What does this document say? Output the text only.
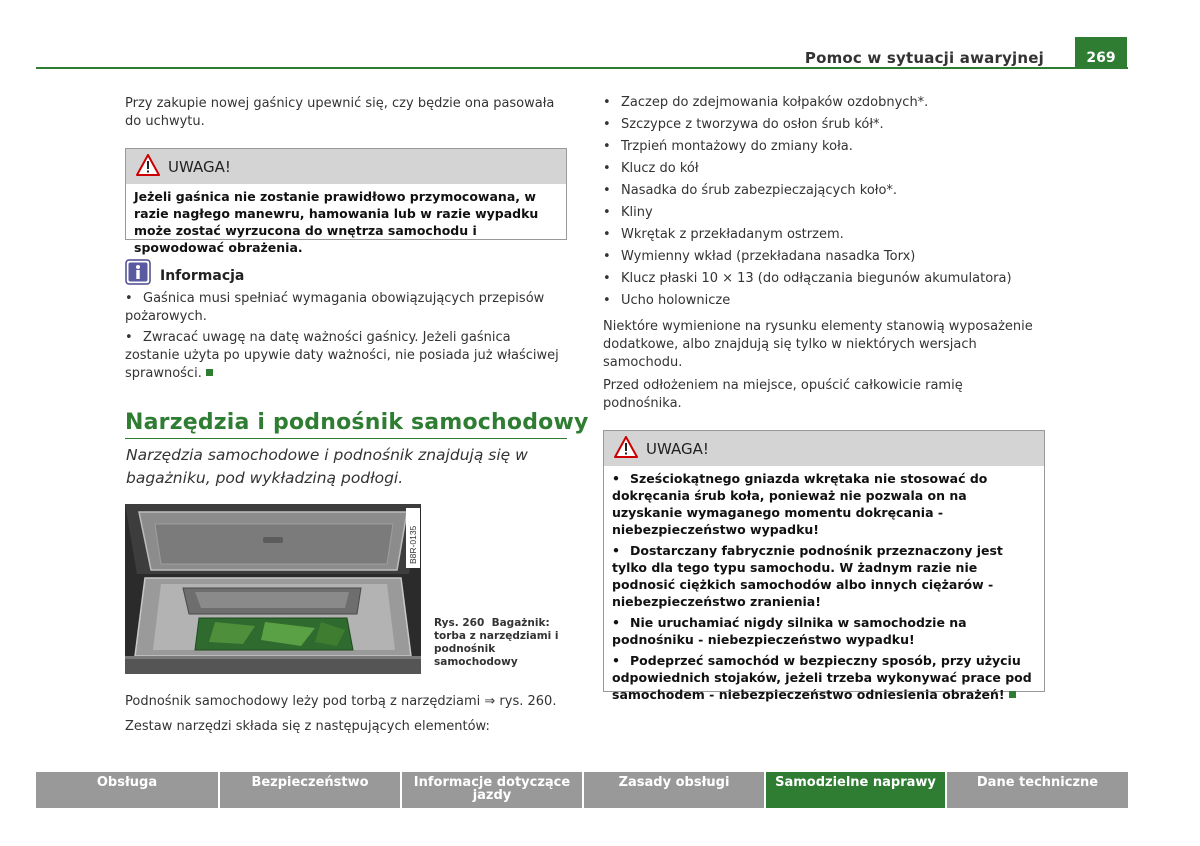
Pomoc w sytuacji awaryjnej	269

Przy zakupie nowej gaśnicy upewnić się, czy będzie ona pasowała do uchwytu.

UWAGA!
Jeżeli gaśnica nie zostanie prawidłowo przymocowana, w razie nagłego manewru, hamowania lub w razie wypadku może zostać wyrzucona do wnętrza samochodu i spowodować obrażenia.
Informacja

• Gaśnica musi spełniać wymagania obowiązujących przepisów pożarowych.

• Zwracać uwagę na datę ważności gaśnicy. Jeżeli gaśnica zostanie użyta po upywie daty ważności, nie posiada już właściwej sprawności.

Narzędzia i podnośnik samochodowy
Narzędzia samochodowe i podnośnik znajdują się w bagażniku, pod wykładziną podłogi.
B8R-0135
Rys. 260 Bagażnik: torba z narzędziami i podnośnik samochodowy

Podnośnik samochodowy leży pod torbą z narzędziami ⇒ rys. 260.

Zestaw narzędzi składa się z następujących elementów:

• Zaczep do zdejmowania kołpaków ozdobnych*.
• Szczypce z tworzywa do osłon śrub kół*.
• Trzpień montażowy do zmiany koła.
• Klucz do kół
• Nasadka do śrub zabezpieczających koło*.
• Kliny
• Wkrętak z przekładanym ostrzem.
• Wymienny wkład (przekładana nasadka Torx)
• Klucz płaski 10 × 13 (do odłączania biegunów akumulatora)
• Ucho holownicze

Niektóre wymienione na rysunku elementy stanowią wyposażenie dodatkowe, albo znajdują się tylko w niektórych wersjach samochodu.

Przed odłożeniem na miejsce, opuścić całkowicie ramię podnośnika.

UWAGA!
• Sześciokątnego gniazda wkrętaka nie stosować do dokręcania śrub koła, ponieważ nie pozwala on na uzyskanie wymaganego momentu dokręcania - niebezpieczeństwo wypadku!
• Dostarczany fabrycznie podnośnik przeznaczony jest tylko dla tego typu samochodu. W żadnym razie nie podnosić ciężkich samochodów albo innych ciężarów - niebezpieczeństwo zranienia!
• Nie uruchamiać nigdy silnika w samochodzie na podnośniku - niebezpieczeństwo wypadku!
• Podeprzeć samochód w bezpieczny sposób, przy użyciu odpowiednich stojaków, jeżeli trzeba wykonywać prace pod samochodem - niebezpieczeństwo odniesienia obrażeń!
Obsługa	Bezpieczeństwo	Informacje dotyczące jazdy
Zasady obsługi	Samodzielne naprawy	Dane techniczne
